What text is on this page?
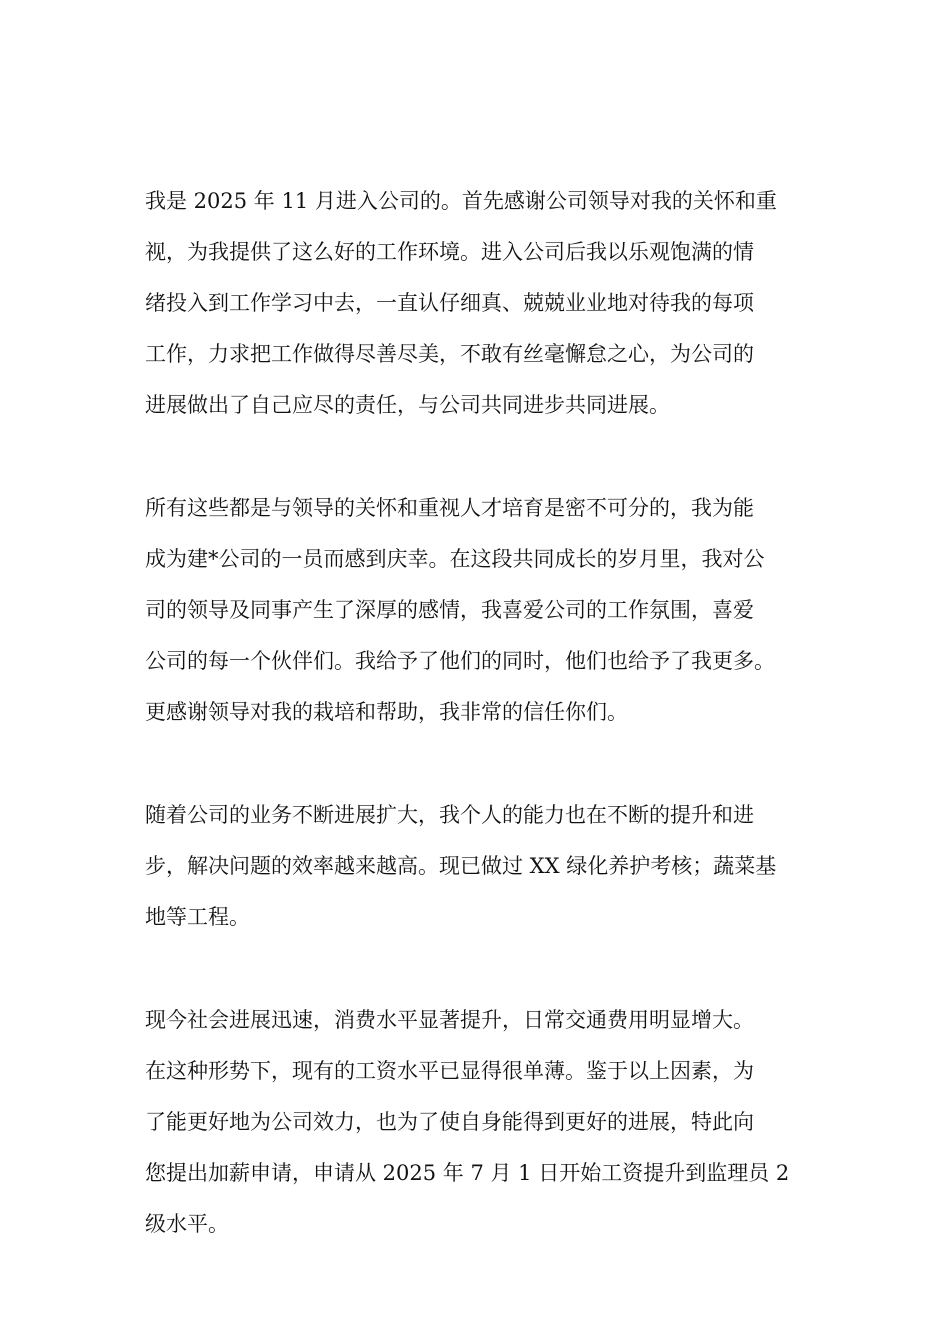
我是 2025 年 11 月进入公司的。首先感谢公司领导对我的关怀和重
视，为我提供了这么好的工作环境。进入公司后我以乐观饱满的情
绪投入到工作学习中去，一直认仔细真、兢兢业业地对待我的每项
工作，力求把工作做得尽善尽美，不敢有丝毫懈怠之心，为公司的
进展做出了自己应尽的责任，与公司共同进步共同进展。
所有这些都是与领导的关怀和重视人才培育是密不可分的，我为能
成为建*公司的一员而感到庆幸。在这段共同成长的岁月里，我对公
司的领导及同事产生了深厚的感情，我喜爱公司的工作氛围，喜爱
公司的每一个伙伴们。我给予了他们的同时，他们也给予了我更多。
更感谢领导对我的栽培和帮助，我非常的信任你们。
随着公司的业务不断进展扩大，我个人的能力也在不断的提升和进
步，解决问题的效率越来越高。现已做过 XX 绿化养护考核；蔬菜基
地等工程。
现今社会进展迅速，消费水平显著提升，日常交通费用明显增大。
在这种形势下，现有的工资水平已显得很单薄。鉴于以上因素，为
了能更好地为公司效力，也为了使自身能得到更好的进展，特此向
您提出加薪申请，申请从 2025 年 7 月 1 日开始工资提升到监理员 2
级水平。
